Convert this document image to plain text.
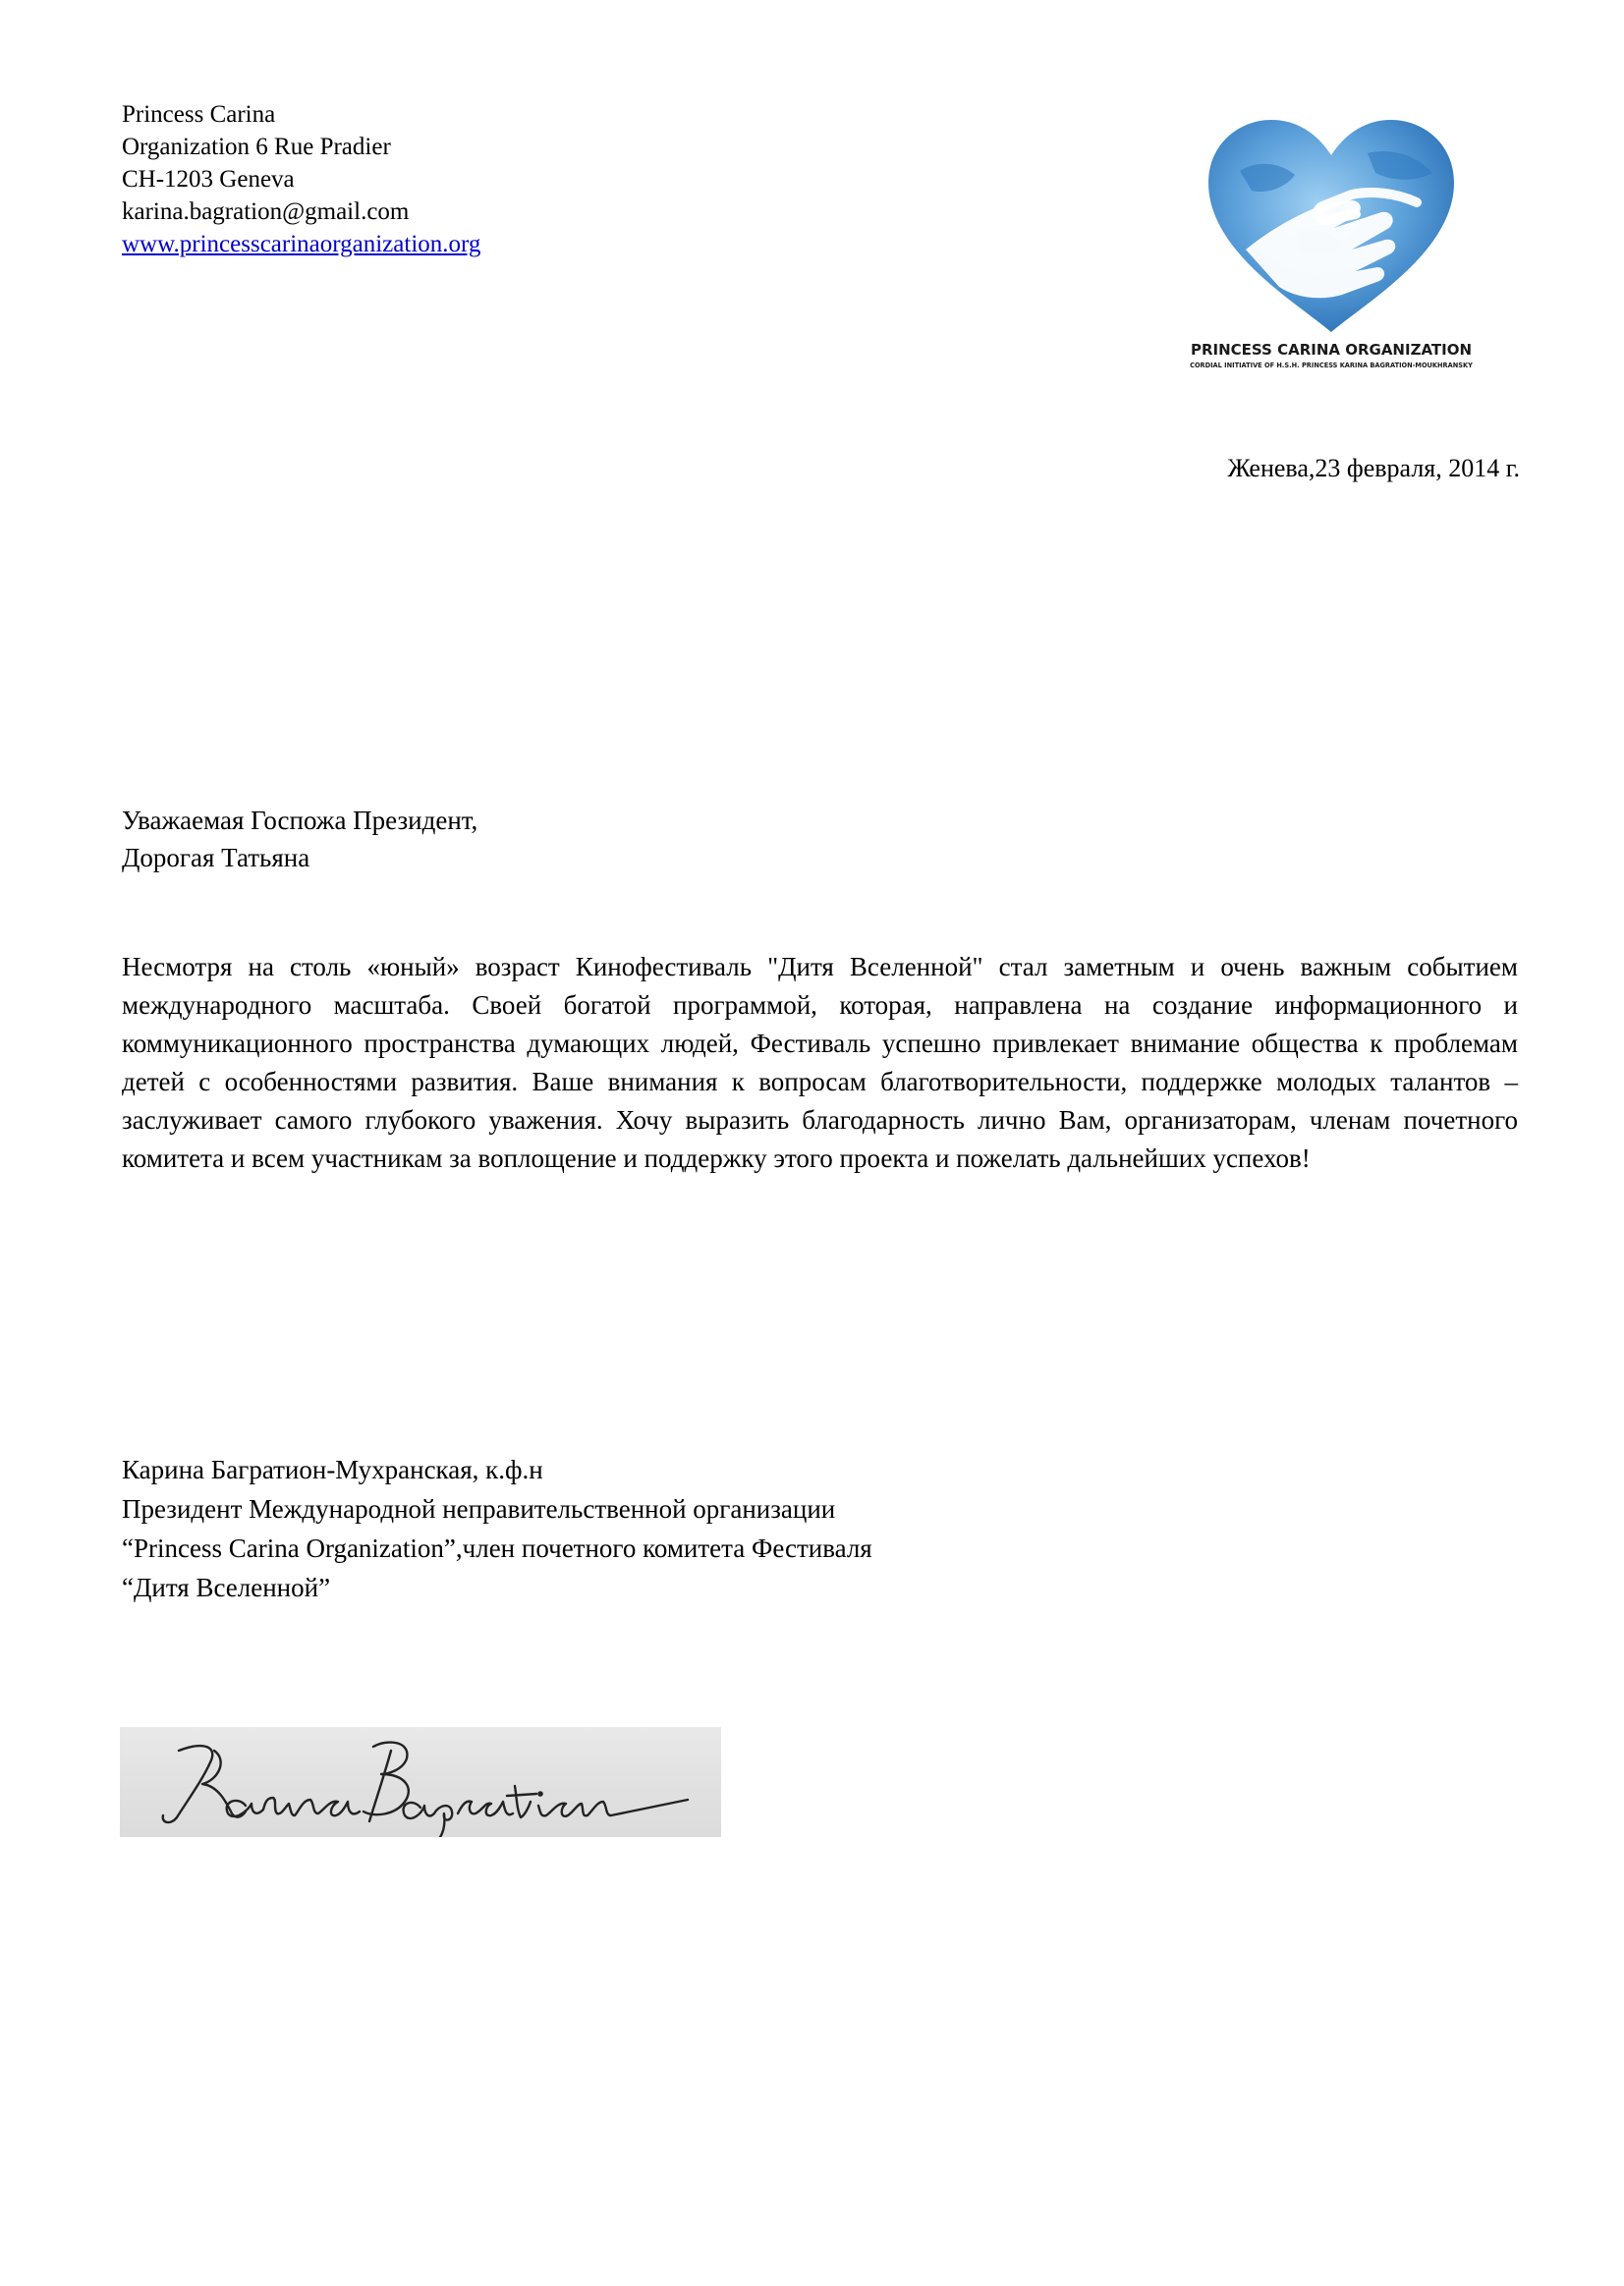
Princess Carina
Organization 6 Rue Pradier
CH-1203 Geneva
karina.bagration@gmail.com
www.princesscarinaorganization.org
PRINCESS CARINA ORGANIZATION
CORDIAL INITIATIVE OF H.S.H. PRINCESS KARINA BAGRATION-MOUKHRANSKY
Женева,23 февраля, 2014 г.
Уважаемая Госпожа Президент,
Дорогая Татьяна

Несмотря на столь «юный» возраст Кинофестиваль "Дитя Вселенной" стал заметным и очень важным событием международного масштаба. Своей богатой программой, которая, направлена на создание информационного и коммуникационного пространства думающих людей, Фестиваль успешно привлекает внимание общества к проблемам детей с особенностями развития. Ваше внимания к вопросам благотворительности, поддержке молодых талантов – заслуживает самого глубокого уважения. Хочу выразить благодарность лично Вам, организаторам, членам почетного комитета и всем участникам за воплощение и поддержку этого проекта и пожелать дальнейших успехов!

Карина Багратион-Мухранская, к.ф.н
Президент Международной неправительственной организации
“Princess Carina Organization”,член почетного комитета Фестиваля
“Дитя Вселенной”
